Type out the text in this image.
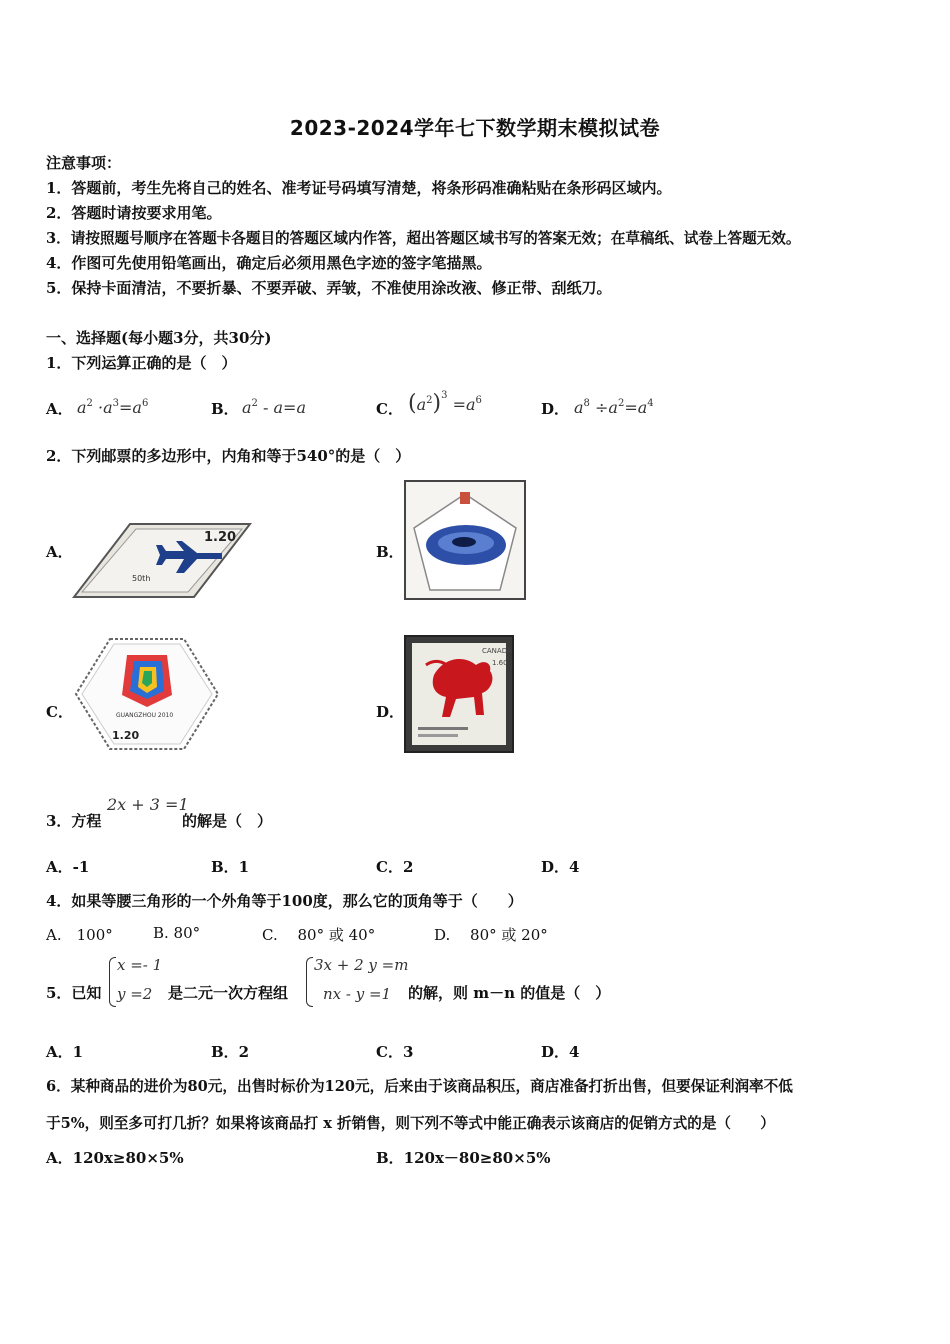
2023-2024学年七下数学期末模拟试卷
注意事项：
1．答题前，考生先将自己的姓名、准考证号码填写清楚，将条形码准确粘贴在条形码区域内。
2．答题时请按要求用笔。
3．请按照题号顺序在答题卡各题目的答题区域内作答，超出答题区域书写的答案无效；在草稿纸、试卷上答题无效。
4．作图可先使用铅笔画出，确定后必须用黑色字迹的签字笔描黑。
5．保持卡面清洁，不要折暴、不要弄破、弄皱，不准使用涂改液、修正带、刮纸刀。
一、选择题(每小题3分，共30分)
1．下列运算正确的是（　）
A． $a^2 \cdot a^3=a^6$	B． $a^2 - a=a$	C． $(a^2)^3 =a^6$	D． $a^8 \div a^2=a^4$
2．下列邮票的多边形中，内角和等于540°的是（　）
A．
1.20
50th
B．
C．	GUANGZHOU 2010
1.20
D．
CANADA
1.60
3．方程
2x + 3 =1
的解是（　）
A．-1	B．1	C．2	D．4
4．如果等腰三角形的一个外角等于100度，那么它的顶角等于（　　）
A.　100°	B. 80°	C.　 80° 或 40°	D.　 80° 或 20°
5．已知
x =- 1
y =2 是二元一次方程组
3x + 2 y =m
nx - y =1 的解，则 m－n 的值是（　）
A．1	B．2	C．3	D．4
6．某种商品的进价为80元，出售时标价为120元，后来由于该商品积压，商店准备打折出售，但要保证利润率不低
于5%，则至多可打几折？如果将该商品打 x 折销售，则下列不等式中能正确表示该商店的促销方式的是（　　）
A．120x≥80×5%	B．120x－80≥80×5%
